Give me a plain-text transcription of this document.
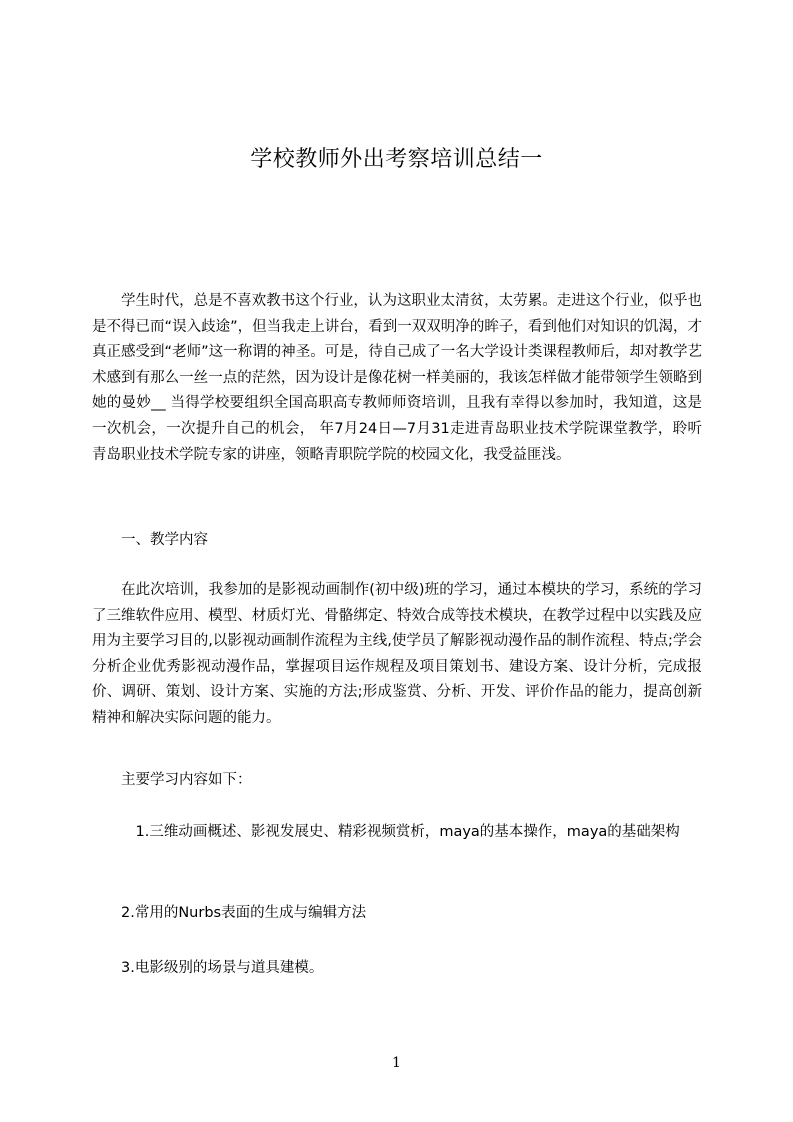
学校教师外出考察培训总结一

学生时代，总是不喜欢教书这个行业，认为这职业太清贫，太劳累。走进这个行业，似乎也是不得已而“误入歧途”，但当我走上讲台，看到一双双明净的眸子，看到他们对知识的饥渴，才真正感受到“老师”这一称谓的神圣。可是，待自己成了一名大学设计类课程教师后，却对教学艺术感到有那么一丝一点的茫然，因为设计是像花树一样美丽的，我该怎样做才能带领学生领略到她的曼妙__ 当得学校要组织全国高职高专教师师资培训，且我有幸得以参加时，我知道，这是一次机会，一次提升自己的机会， 年7月24日—7月31走进青岛职业技术学院课堂教学，聆听青岛职业技术学院专家的讲座，领略青职院学院的校园文化，我受益匪浅。

一、教学内容

在此次培训，我参加的是影视动画制作(初中级)班的学习，通过本模块的学习，系统的学习了三维软件应用、模型、材质灯光、骨骼绑定、特效合成等技术模块，在教学过程中以实践及应用为主要学习目的,以影视动画制作流程为主线,使学员了解影视动漫作品的制作流程、特点;学会分析企业优秀影视动漫作品，掌握项目运作规程及项目策划书、建设方案、设计分析，完成报价、调研、策划、设计方案、实施的方法;形成鉴赏、分析、开发、评价作品的能力，提高创新精神和解决实际问题的能力。

主要学习内容如下：

1.三维动画概述、影视发展史、精彩视频赏析，maya的基本操作，maya的基础架构

2.常用的Nurbs表面的生成与编辑方法

3.电影级别的场景与道具建模。

1
